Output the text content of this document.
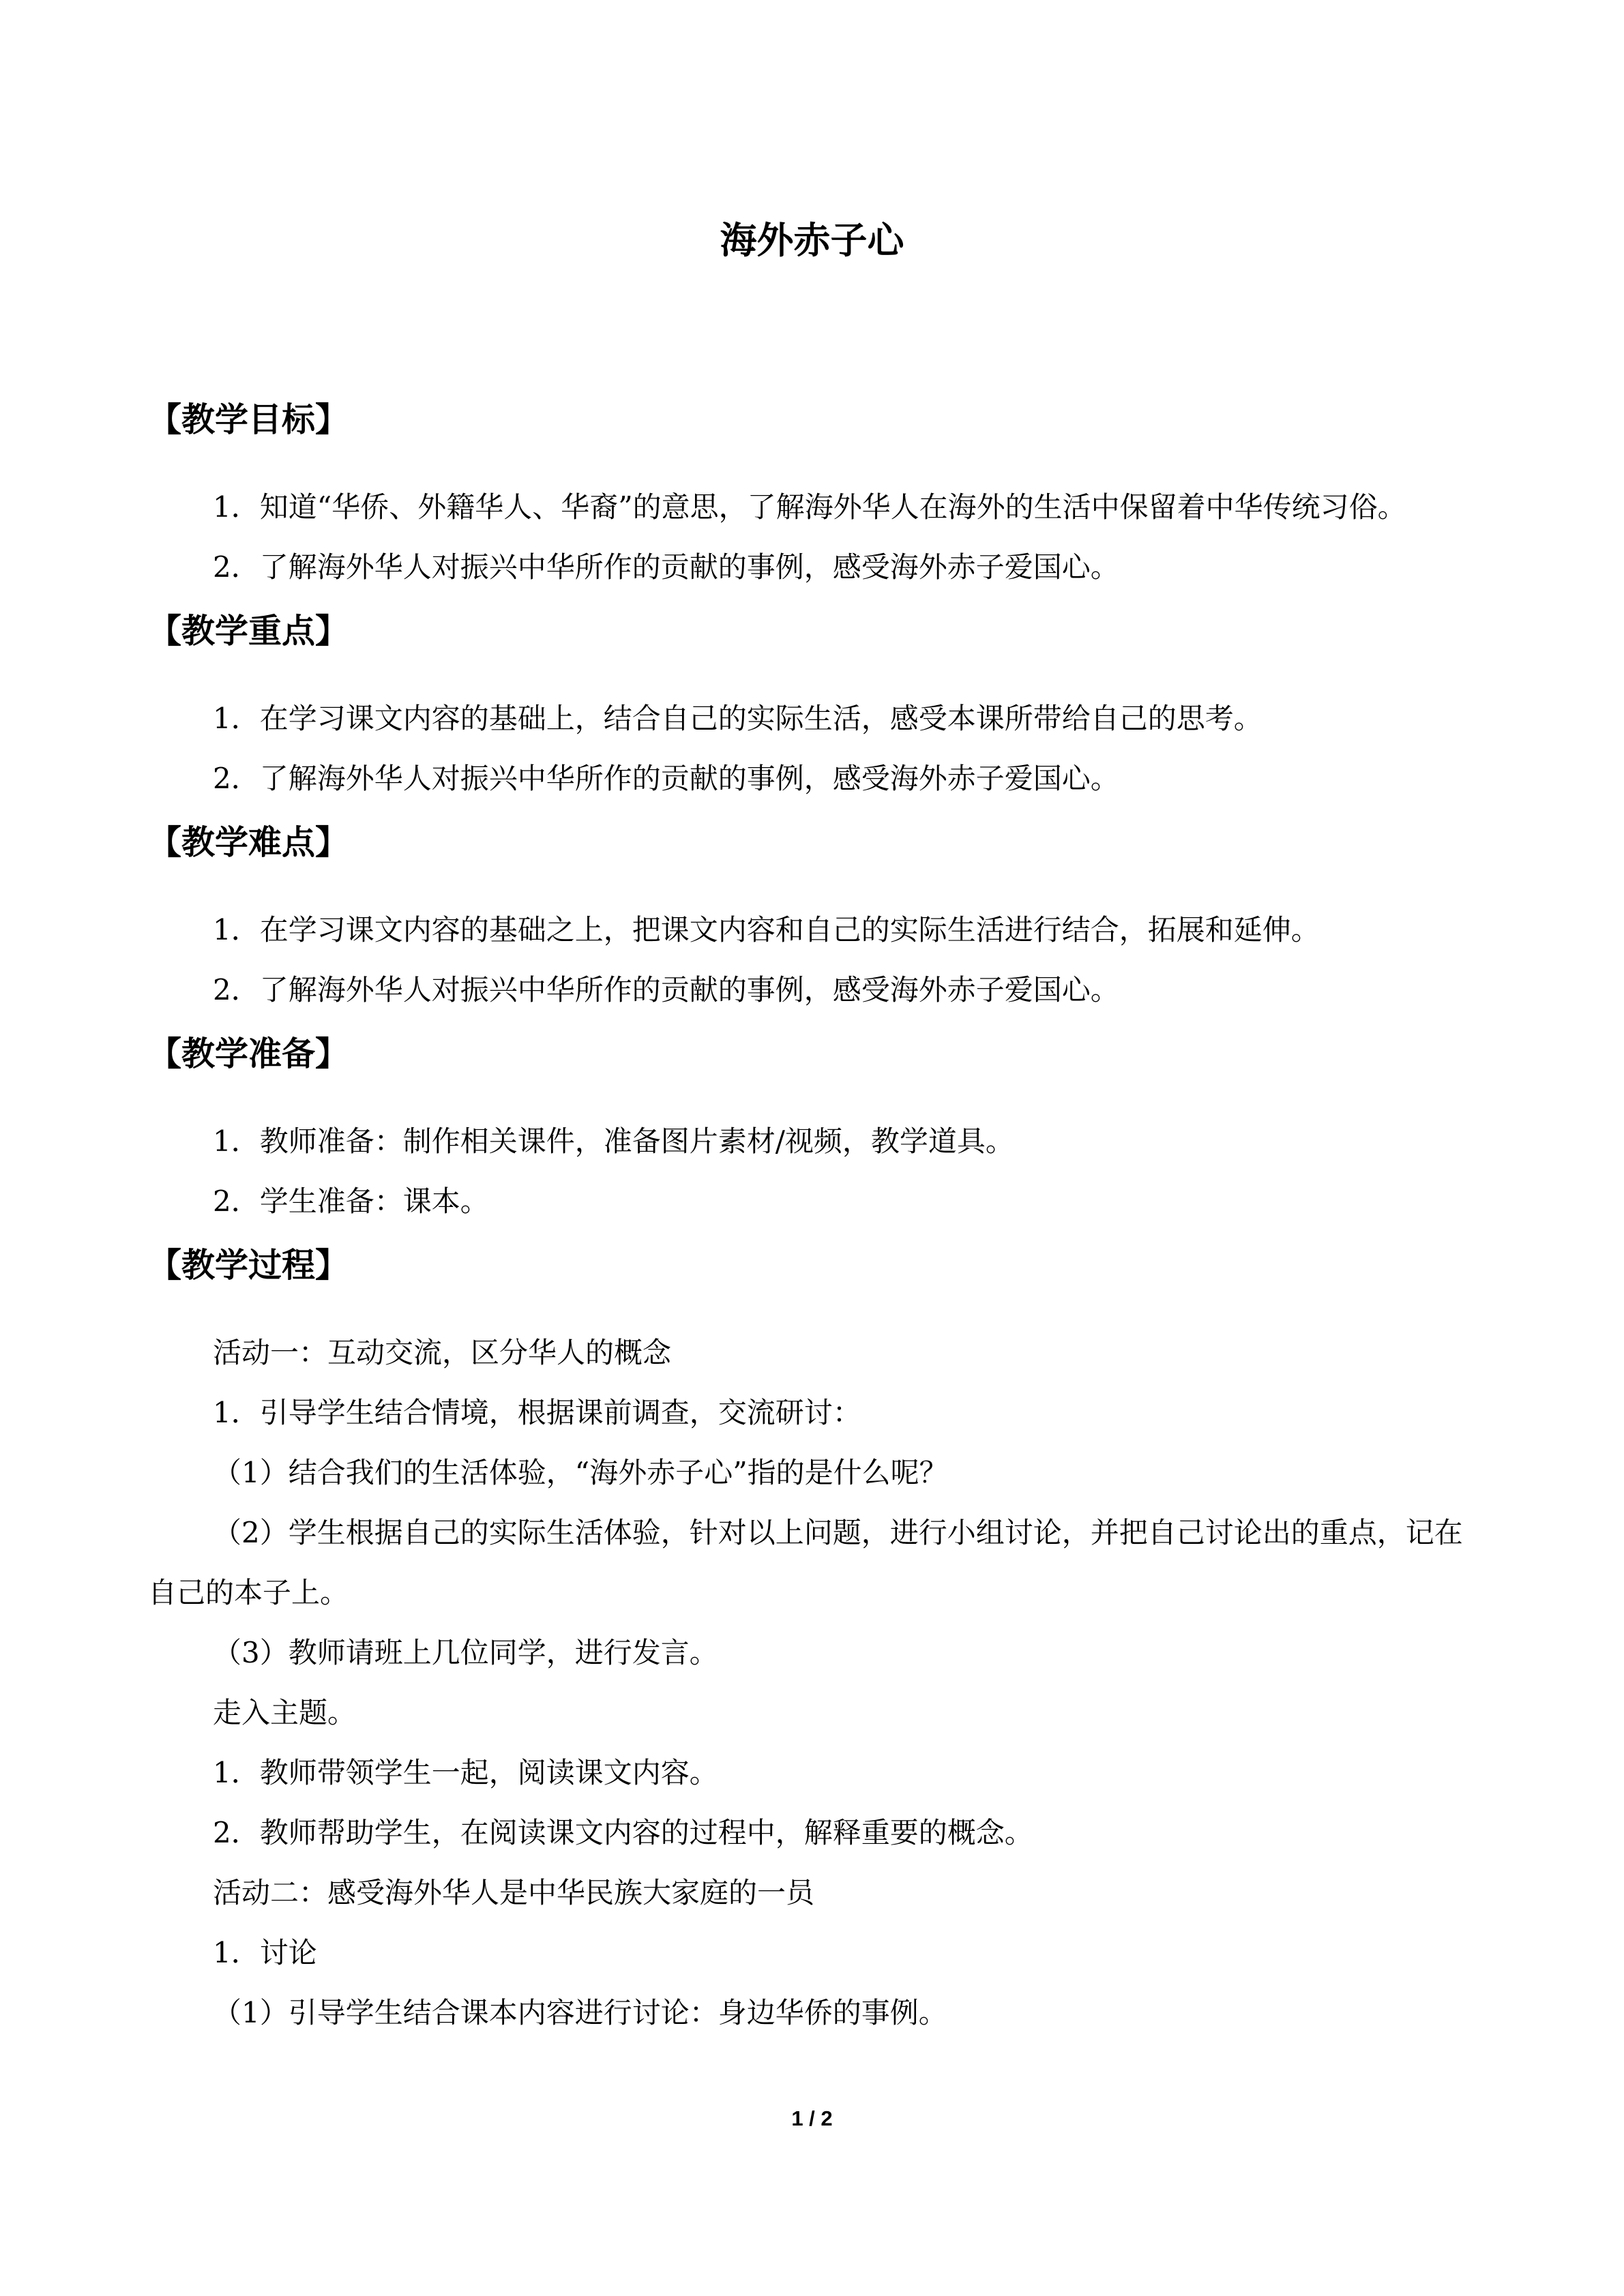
海外赤子心
【教学目标】

1．知道“华侨、外籍华人、华裔”的意思，了解海外华人在海外的生活中保留着中华传统习俗。

2．了解海外华人对振兴中华所作的贡献的事例，感受海外赤子爱国心。

【教学重点】

1．在学习课文内容的基础上，结合自己的实际生活，感受本课所带给自己的思考。

2．了解海外华人对振兴中华所作的贡献的事例，感受海外赤子爱国心。

【教学难点】

1．在学习课文内容的基础之上，把课文内容和自己的实际生活进行结合，拓展和延伸。

2．了解海外华人对振兴中华所作的贡献的事例，感受海外赤子爱国心。

【教学准备】

1．教师准备：制作相关课件，准备图片素材/视频，教学道具。

2．学生准备：课本。

【教学过程】

活动一：互动交流，区分华人的概念

1．引导学生结合情境，根据课前调查，交流研讨：

（1）结合我们的生活体验，“海外赤子心”指的是什么呢？

（2）学生根据自己的实际生活体验，针对以上问题，进行小组讨论，并把自己讨论出的重点，记在自己的本子上。

（3）教师请班上几位同学，进行发言。

走入主题。

1．教师带领学生一起，阅读课文内容。

2．教师帮助学生，在阅读课文内容的过程中，解释重要的概念。

活动二：感受海外华人是中华民族大家庭的一员

1．讨论

（1）引导学生结合课本内容进行讨论：身边华侨的事例。

1 / 2
